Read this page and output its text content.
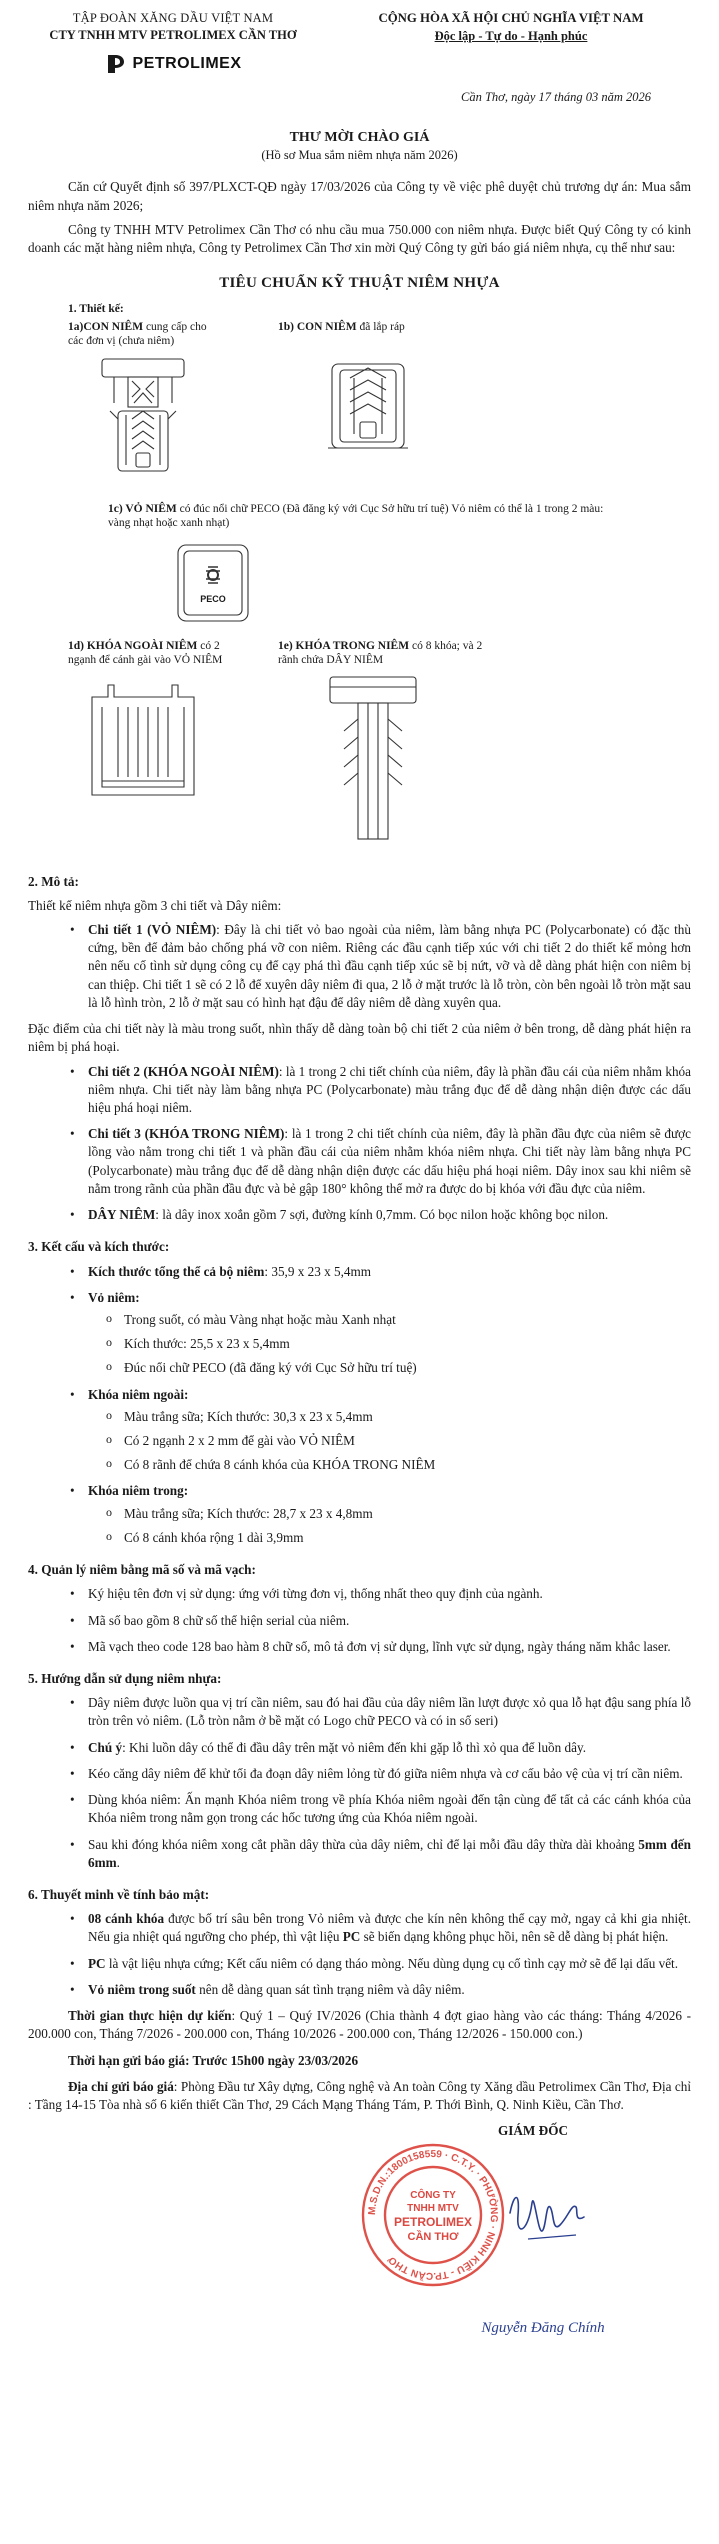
TẬP ĐOÀN XĂNG DẦU VIỆT NAM
CTY TNHH MTV PETROLIMEX CẦN THƠ
PETROLIMEX
CỘNG HÒA XÃ HỘI CHỦ NGHĨA VIỆT NAM
Độc lập - Tự do - Hạnh phúc
Cần Thơ, ngày 17 tháng 03 năm 2026
THƯ MỜI CHÀO GIÁ
(Hồ sơ Mua sắm niêm nhựa năm 2026)

Căn cứ Quyết định số 397/PLXCT-QĐ ngày 17/03/2026 của Công ty về việc phê duyệt chủ trương dự án: Mua sắm niêm nhựa năm 2026;

Công ty TNHH MTV Petrolimex Cần Thơ có nhu cầu mua 750.000 con niêm nhựa. Được biết Quý Công ty có kinh doanh các mặt hàng niêm nhựa, Công ty Petrolimex Cần Thơ xin mời Quý Công ty gửi báo giá niêm nhựa, cụ thể như sau:

TIÊU CHUẨN KỸ THUẬT NIÊM NHỰA
1. Thiết kế:
1a)CON NIÊM cung cấp cho các đơn vị (chưa niêm)
1b) CON NIÊM đã lắp ráp
1c) VỎ NIÊM có đúc nổi chữ PECO (Đã đăng ký với Cục Sở hữu trí tuệ) Vỏ niêm có thể là 1 trong 2 màu: vàng nhạt hoặc xanh nhạt)
PECO
1d) KHÓA NGOÀI NIÊM có 2 ngạnh để cánh gài vào VỎ NIÊM
1e) KHÓA TRONG NIÊM có 8 khóa; và 2 rãnh chứa DÂY NIÊM
2. Mô tả:
Thiết kế niêm nhựa gồm 3 chi tiết và Dây niêm:
• Chi tiết 1 (VỎ NIÊM): Đây là chi tiết vỏ bao ngoài của niêm, làm bằng nhựa PC (Polycarbonate) có đặc thù cứng, bền để đảm bảo chống phá vỡ con niêm. Riêng các đầu cạnh tiếp xúc với chi tiết 2 do thiết kế mỏng hơn nên nếu cố tình sử dụng công cụ để cạy phá thì đầu cạnh tiếp xúc sẽ bị nứt, vỡ và dễ dàng phát hiện con niêm bị can thiệp. Chi tiết 1 sẽ có 2 lỗ để xuyên dây niêm đi qua, 2 lỗ ở mặt trước là lỗ tròn, còn bên ngoài lỗ tròn mặt sau là lỗ hình tròn, 2 lỗ ở mặt sau có hình hạt đậu để dây niêm dễ dàng xuyên qua.
Đặc điểm của chi tiết này là màu trong suốt, nhìn thấy dễ dàng toàn bộ chi tiết 2 của niêm ở bên trong, dễ dàng phát hiện ra niêm bị phá hoại.
• Chi tiết 2 (KHÓA NGOÀI NIÊM): là 1 trong 2 chi tiết chính của niêm, đây là phần đầu cái của niêm nhằm khóa niêm nhựa. Chi tiết này làm bằng nhựa PC (Polycarbonate) màu trắng đục để dễ dàng nhận diện được các dấu hiệu phá hoại niêm.
• Chi tiết 3 (KHÓA TRONG NIÊM): là 1 trong 2 chi tiết chính của niêm, đây là phần đầu đực của niêm sẽ được lồng vào nằm trong chi tiết 1 và phần đầu cái của niêm nhằm khóa niêm nhựa. Chi tiết này làm bằng nhựa PC (Polycarbonate) màu trắng đục để dễ dàng nhận diện được các dấu hiệu phá hoại niêm. Dây inox sau khi niêm sẽ nằm trong rãnh của phần đầu đực và bẻ gập 180° không thể mở ra được do bị khóa với đầu đực của niêm.
• DÂY NIÊM: là dây inox xoắn gồm 7 sợi, đường kính 0,7mm. Có bọc nilon hoặc không bọc nilon.
3. Kết cấu và kích thước:
• Kích thước tổng thể cả bộ niêm: 35,9 x 23 x 5,4mm
• Vỏ niêm:
o Trong suốt, có màu Vàng nhạt hoặc màu Xanh nhạt
o Kích thước: 25,5 x 23 x 5,4mm
o Đúc nổi chữ PECO (đã đăng ký với Cục Sở hữu trí tuệ)
• Khóa niêm ngoài:
o Màu trắng sữa; Kích thước: 30,3 x 23 x 5,4mm
o Có 2 ngạnh 2 x 2 mm để gài vào VỎ NIÊM
o Có 8 rãnh để chứa 8 cánh khóa của KHÓA TRONG NIÊM
• Khóa niêm trong:
o Màu trắng sữa; Kích thước: 28,7 x 23 x 4,8mm
o Có 8 cánh khóa rộng 1 dài 3,9mm
4. Quản lý niêm bằng mã số và mã vạch:
• Ký hiệu tên đơn vị sử dụng: ứng với từng đơn vị, thống nhất theo quy định của ngành.
• Mã số bao gồm 8 chữ số thể hiện serial của niêm.
• Mã vạch theo code 128 bao hàm 8 chữ số, mô tả đơn vị sử dụng, lĩnh vực sử dụng, ngày tháng năm khắc laser.
5. Hướng dẫn sử dụng niêm nhựa:
• Dây niêm được luồn qua vị trí cần niêm, sau đó hai đầu của dây niêm lần lượt được xỏ qua lỗ hạt đậu sang phía lỗ tròn trên vỏ niêm. (Lỗ tròn nằm ở bề mặt có Logo chữ PECO và có in số seri)
• Chú ý: Khi luồn dây có thể đi đầu dây trên mặt vỏ niêm đến khi gặp lỗ thì xỏ qua để luồn dây.
• Kéo căng dây niêm để khử tối đa đoạn dây niêm lỏng từ đó giữa niêm nhựa và cơ cấu bảo vệ của vị trí cần niêm.
• Dùng khóa niêm: Ấn mạnh Khóa niêm trong về phía Khóa niêm ngoài đến tận cùng để tất cả các cánh khóa của Khóa niêm trong nằm gọn trong các hốc tương ứng của Khóa niêm ngoài.
• Sau khi đóng khóa niêm xong cắt phần dây thừa của dây niêm, chỉ để lại mỗi đầu dây thừa dài khoảng 5mm đến 6mm.
6. Thuyết minh về tính bảo mật:
• 08 cánh khóa được bố trí sâu bên trong Vỏ niêm và được che kín nên không thể cạy mở, ngay cả khi gia nhiệt. Nếu gia nhiệt quá ngưỡng cho phép, thì vật liệu PC sẽ biến dạng không phục hồi, nên sẽ dễ dàng bị phát hiện.
• PC là vật liệu nhựa cứng; Kết cấu niêm có dạng tháo mòng. Nếu dùng dụng cụ cố tình cạy mở sẽ để lại dấu vết.
• Vỏ niêm trong suốt nên dễ dàng quan sát tình trạng niêm và dây niêm.

Thời gian thực hiện dự kiến: Quý 1 – Quý IV/2026 (Chia thành 4 đợt giao hàng vào các tháng: Tháng 4/2026 - 200.000 con, Tháng 7/2026 - 200.000 con, Tháng 10/2026 - 200.000 con, Tháng 12/2026 - 150.000 con.)

Thời hạn gửi báo giá: Trước 15h00 ngày 23/03/2026

Địa chỉ gửi báo giá: Phòng Đầu tư Xây dựng, Công nghệ và An toàn Công ty Xăng dầu Petrolimex Cần Thơ, Địa chỉ : Tầng 14-15 Tòa nhà số 6 kiến thiết Cần Thơ, 29 Cách Mạng Tháng Tám, P. Thới Bình, Q. Ninh Kiều, Cần Thơ.

GIÁM ĐỐC
M.S.D.N.:1800158559 · C.T.Y. · PHƯỜNG · NINH KIỀU - TP.CẦN THƠ
CÔNG TY
TNHH MTV
PETROLIMEX
CẦN THƠ
Nguyễn Đăng Chính
